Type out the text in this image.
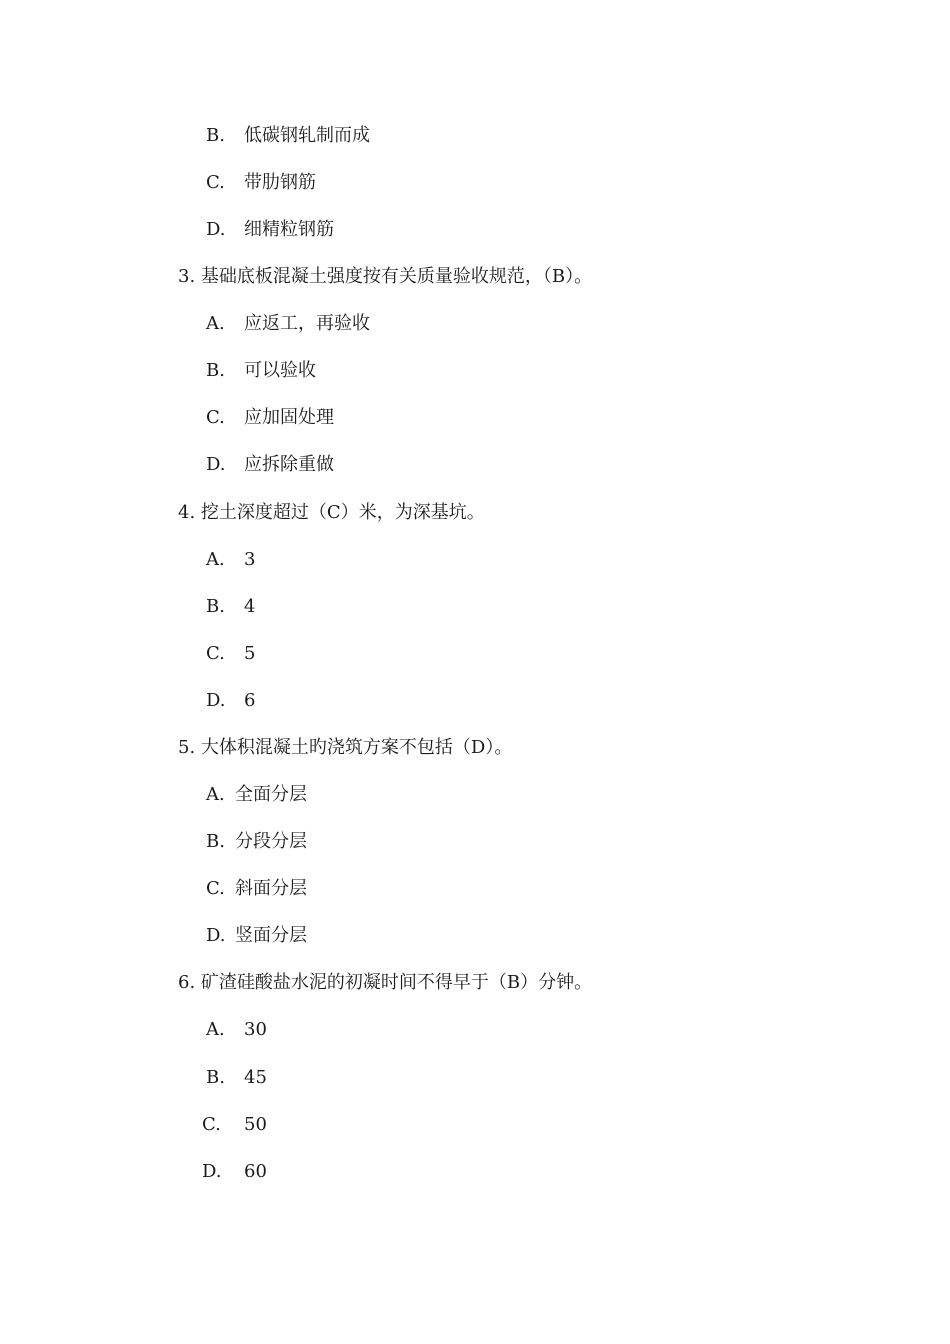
B. 低碳钢轧制而成
C. 带肋钢筋
D. 细精粒钢筋
3. 基础底板混凝土强度按有关质量验收规范，（B）。
A. 应返工，再验收
B. 可以验收
C. 应加固处理
D. 应拆除重做
4. 挖土深度超过（C）米，为深基坑。
A. 3
B. 4
C. 5
D. 6
5. 大体积混凝土旳浇筑方案不包括（D）。
A. 全面分层
B. 分段分层
C. 斜面分层
D. 竖面分层
6. 矿渣硅酸盐水泥的初凝时间不得早于（B）分钟。
A. 30
B. 45
C. 50
D. 60
